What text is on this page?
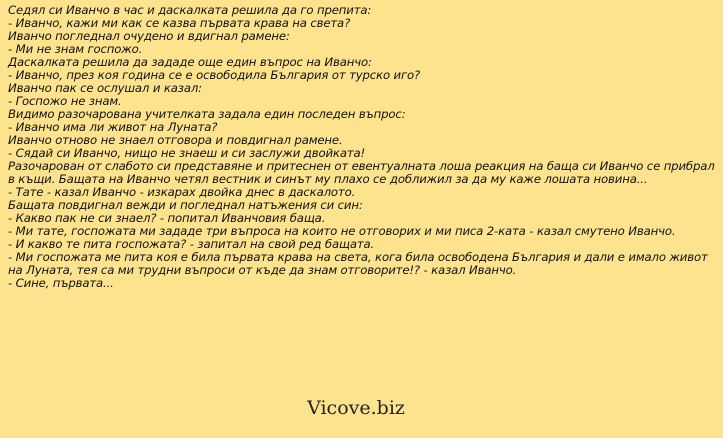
Седял си Иванчо в час и даскалката решила да го препита:
- Иванчо, кажи ми как се казва първата крава на света?
Иванчо погледнал очудено и вдигнал рамене:
- Ми не знам госпожо.
Даскалката решила да зададе още един въпрос на Иванчо:
- Иванчо, през коя година се е освободила България от турско иго?
Иванчо пак се ослушал и казал:
- Госпожо не знам.
Видимо разочарована учителката задала един последен въпрос:
- Иванчо има ли живот на Луната?
Иванчо отново не знаел отговора и повдигнал рамене.
- Сядай си Иванчо, нищо не знаеш и си заслужи двойката!
Разочарован от слабото си представяне и притеснен от евентуалната лоша реакция на баща си Иванчо се прибрал в къщи. Бащата на Иванчо четял вестник и синът му плахо се доближил за да му каже лошата новина...
- Тате - казал Иванчо - изкарах двойка днес в даскалото.
Бащата повдигнал вежди и погледнал натъжения си син:
- Какво пак не си знаел? - попитал Иванчовия баща.
- Ми тате, госпожата ми зададе три въпроса на които не отговорих и ми писа 2-ката - казал смутено Иванчо.
- И какво те пита госпожата? - запитал на свой ред бащата.
- Ми госпожата ме пита коя е била първата крава на света, кога била освободена България и дали е имало живот на Луната, тея са ми трудни въпроси от къде да знам отговорите!? - казал Иванчо.
- Сине, първата...
Vicove.biz
